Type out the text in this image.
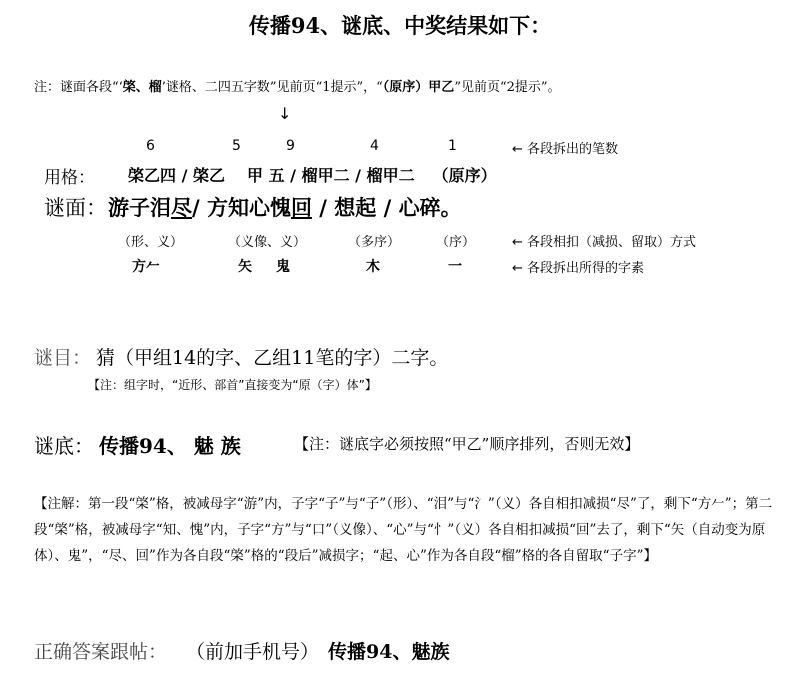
传播94、谜底、中奖结果如下：
注：谜面各段“‘棨、榴’谜格、二四五字数”见前页“1提示”，“（原序）甲乙”见前页“2提示”。
↓
6	5	9	4	1	← 各段拆出的笔数
用格： 棨乙四 / 棨乙 甲 五 / 榴甲二 / 榴甲二 （原序）
谜面： 游子泪尽/ 方知心愧回 / 想起 / 心碎。
（形、义）	（义像、义）	（多序）	（序）	← 各段相扣（减损、留取）方式
方𠂉	矢 鬼	木	一	← 各段拆出所得的字素
谜目： 猜（甲组14的字、乙组11笔的字）二字。
【注：组字时，“近形、部首”直接变为“原（字）体”】
谜底： 传播94、 魅 族	【注：谜底字必须按照“甲乙”顺序排列，否则无效】
【注解：第一段“棨”格，被减母字“游”内，子字“子”与“子”（形）、“泪”与“氵”（义）各自相扣减损“尽”了，剩下“方𠂉”；第二段“棨”格，被减母字“知、愧”内，子字“方”与“口”（义像）、“心”与“忄”（义）各自相扣减损“回”去了，剩下“矢（自动变为原体）、鬼”，“尽、回”作为各自段“棨”格的“段后”减损字；“起、心”作为各自段“榴”格的各自留取“子字”】
正确答案跟帖： （前加手机号） 传播94、魅族
